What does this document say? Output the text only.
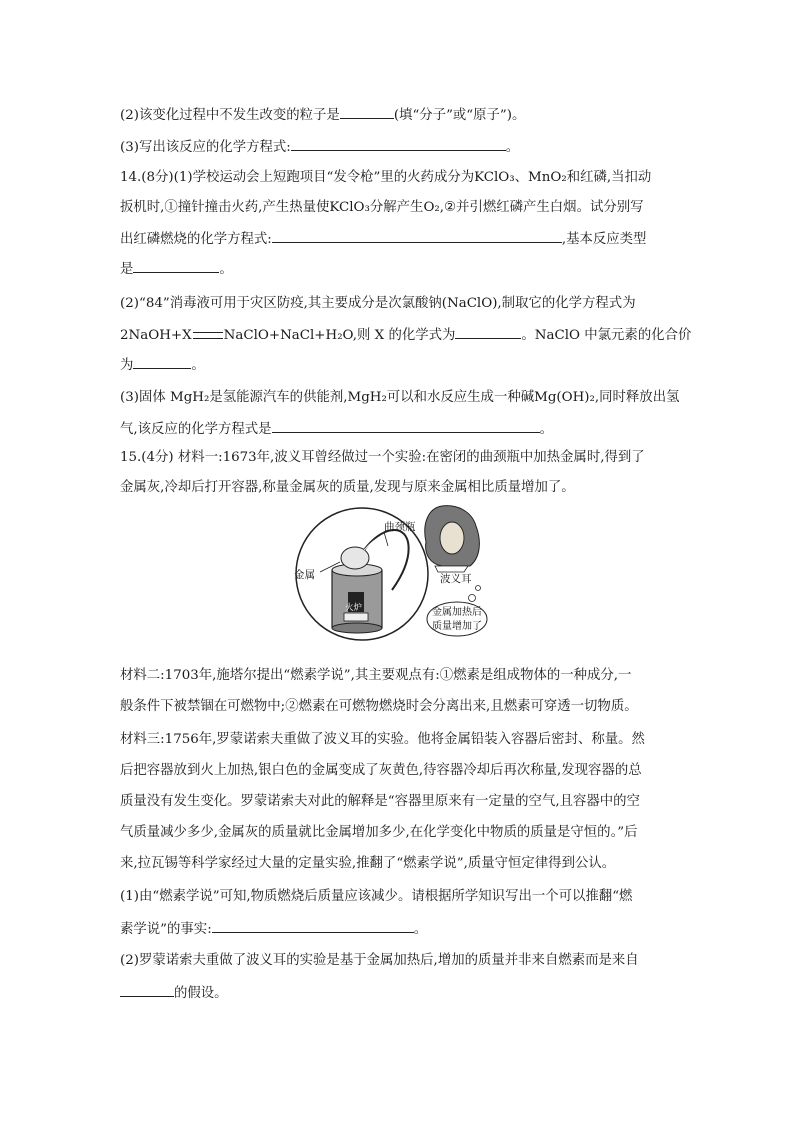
(2)该变化过程中不发生改变的粒子是	(填“分子”或“原子”)。
(3)写出该反应的化学方程式:	。
14.(8分)(1)学校运动会上短跑项目“发令枪”里的火药成分为KClO₃、MnO₂和红磷,当扣动
扳机时,①撞针撞击火药,产生热量使KClO₃分解产生O₂,②并引燃红磷产生白烟。试分别写
出红磷燃烧的化学方程式:	,基本反应类型
是	。
(2)“84”消毒液可用于灾区防疫,其主要成分是次氯酸钠(NaClO),制取它的化学方程式为
2NaOH+X NaClO+NaCl+H₂O,则 X 的化学式为	。NaClO 中氯元素的化合价
为	。
(3)固体 MgH₂是氢能源汽车的供能剂,MgH₂可以和水反应生成一种碱Mg(OH)₂,同时释放出氢
气,该反应的化学方程式是	。
15.(4分) 材料一:1673年,波义耳曾经做过一个实验:在密闭的曲颈瓶中加热金属时,得到了
金属灰,冷却后打开容器,称量金属灰的质量,发现与原来金属相比质量增加了。
曲颈瓶
金属
火炉
波义耳
金属加热后
质量增加了
材料二:1703年,施塔尔提出“燃素学说”,其主要观点有:①燃素是组成物体的一种成分,一
般条件下被禁锢在可燃物中;②燃素在可燃物燃烧时会分离出来,且燃素可穿透一切物质。
材料三:1756年,罗蒙诺索夫重做了波义耳的实验。他将金属铅装入容器后密封、称量。然
后把容器放到火上加热,银白色的金属变成了灰黄色,待容器冷却后再次称量,发现容器的总
质量没有发生变化。罗蒙诺索夫对此的解释是“容器里原来有一定量的空气,且容器中的空
气质量减少多少,金属灰的质量就比金属增加多少,在化学变化中物质的质量是守恒的。”后
来,拉瓦锡等科学家经过大量的定量实验,推翻了“燃素学说”,质量守恒定律得到公认。
(1)由“燃素学说”可知,物质燃烧后质量应该减少。请根据所学知识写出一个可以推翻“燃
素学说”的事实:	。
(2)罗蒙诺索夫重做了波义耳的实验是基于金属加热后,增加的质量并非来自燃素而是来自
的假设。
